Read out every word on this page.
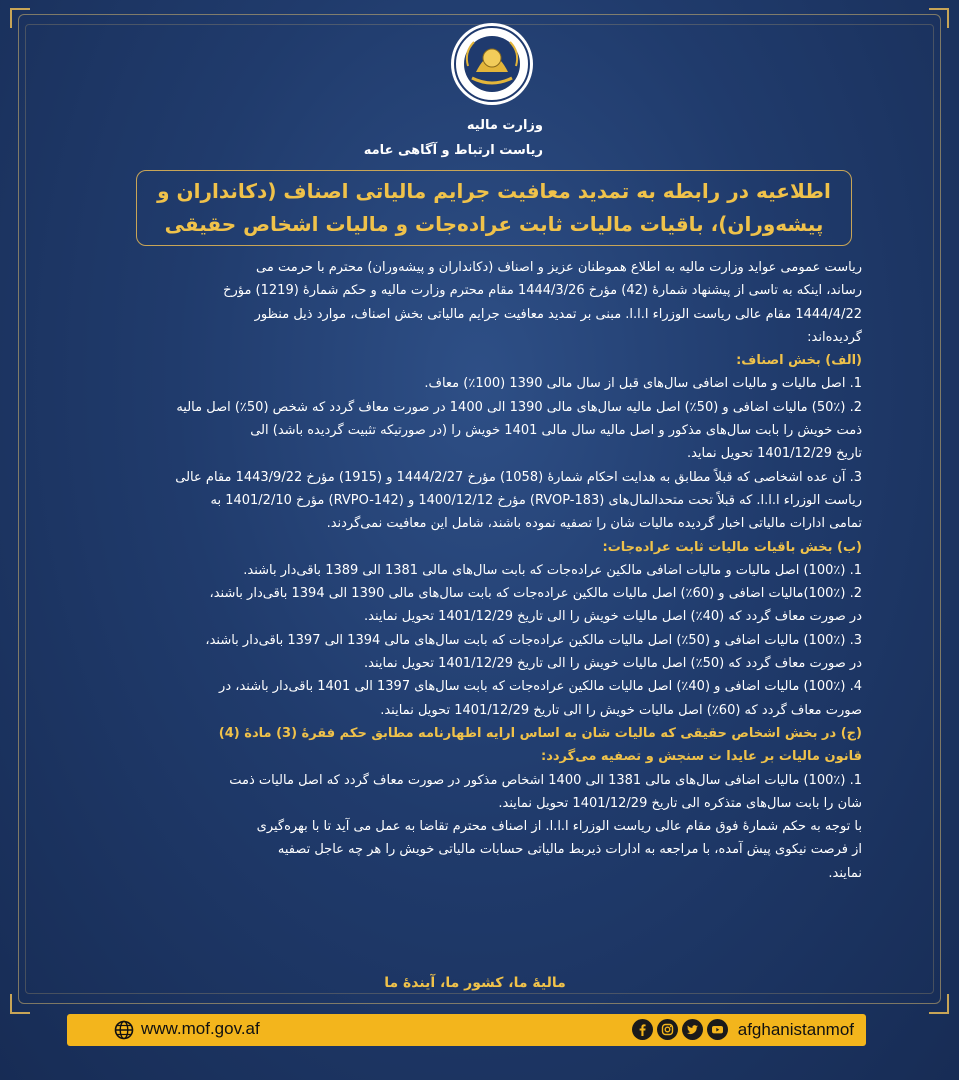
وزارت مالیه
ریاست ارتباط و آگاهی عامه
اطلاعیه در رابطه به تمدید معافیت جرایم مالیاتی اصناف (دکانداران و
پیشه‌وران)، باقیات مالیات ثابت عراده‌جات و مالیات اشخاص حقیقی

ریاست عمومی عواید وزارت مالیه به اطلاع هموطنان عزیز و اصناف (دکانداران و پیشه‌وران) محترم با حرمت می

رساند، اینکه به تاسی از پیشنهاد شمارهٔ (42) مؤرخ 1444/3/26 مقام محترم وزارت مالیه و حکم شمارهٔ (1219) مؤرخ

1444/4/22 مقام عالی ریاست الوزراء ا.ا.ا. مبنی بر تمدید معافیت جرایم مالیاتی بخش اصناف، موارد ذیل منظور

گردیده‌اند:

(الف) بخش اصناف:

1. اصل مالیات و مالیات اضافی سال‌های قبل از سال مالی 1390 (100٪) معاف.

2. (50٪) مالیات اضافی و (50٪) اصل مالیه سال‌های مالی 1390 الی 1400 در صورت معاف گردد که شخص (50٪) اصل مالیه

ذمت خویش را بابت سال‌های مذکور و اصل مالیه سال مالی 1401 خویش را (در صورتیکه تثبیت گردیده باشد) الی

تاریخ 1401/12/29 تحویل نماید.

3. آن عده اشخاصی که قبلاً مطابق به هدایت احکام شمارهٔ (1058) مؤرخ 1444/2/27 و (1915) مؤرخ 1443/9/22 مقام عالی

ریاست الوزراء ا.ا.ا. که قبلاً تحت متحدالمال‌های (RVOP-183) مؤرخ 1400/12/12 و (RVPO-142) مؤرخ 1401/2/10 به

تمامی ادارات مالیاتی اخبار گردیده مالیات شان را تصفیه نموده باشند، شامل این معافیت نمی‌گردند.

(ب) بخش باقیات مالیات ثابت عراده‌جات:

1. (100٪) اصل مالیات و مالیات اضافی مالکین عراده‌جات که بابت سال‌های مالی 1381 الی 1389 باقی‌دار باشند.

2. (100٪)مالیات اضافی و (60٪) اصل مالیات مالکین عراده‌جات که بابت سال‌های مالی 1390 الی 1394 باقی‌دار باشند،

در صورت معاف گردد که (40٪) اصل مالیات خویش را الی تاریخ 1401/12/29 تحویل نمایند.

3. (100٪) مالیات اضافی و (50٪) اصل مالیات مالکین عراده‌جات که بابت سال‌های مالی 1394 الی 1397 باقی‌دار باشند،

در صورت معاف گردد که (50٪) اصل مالیات خویش را الی تاریخ 1401/12/29 تحویل نمایند.

4. (100٪) مالیات اضافی و (40٪) اصل مالیات مالکین عراده‌جات که بابت سال‌های 1397 الی 1401 باقی‌دار باشند، در

صورت معاف گردد که (60٪) اصل مالیات خویش را الی تاریخ 1401/12/29 تحویل نمایند.

(ج) در بخش اشخاص حقیقی که مالیات شان به اساس ارایه اظهارنامه مطابق حکم فقرهٔ (3) مادهٔ (4)

قانون مالیات بر عایدا ت سنجش و تصفیه می‌گردد:

1. (100٪) مالیات اضافی سال‌های مالی 1381 الی 1400 اشخاص مذکور در صورت معاف گردد که اصل مالیات ذمت

شان را بابت سال‌های متذکره الی تاریخ 1401/12/29 تحویل نمایند.

با توجه به حکم شمارهٔ فوق مقام عالی ریاست الوزراء ا.ا.ا. از اصناف محترم تقاضا به عمل می آید تا با بهره‌گیری

از فرصت نیکوی پیش آمده، با مراجعه به ادارات ذیربط مالیاتی حسابات مالیاتی خویش را هر چه عاجل تصفیه

نمایند.

مالیهٔ ما، کشور ما، آیندهٔ ما
www.mof.gov.af	afghanistanmof
